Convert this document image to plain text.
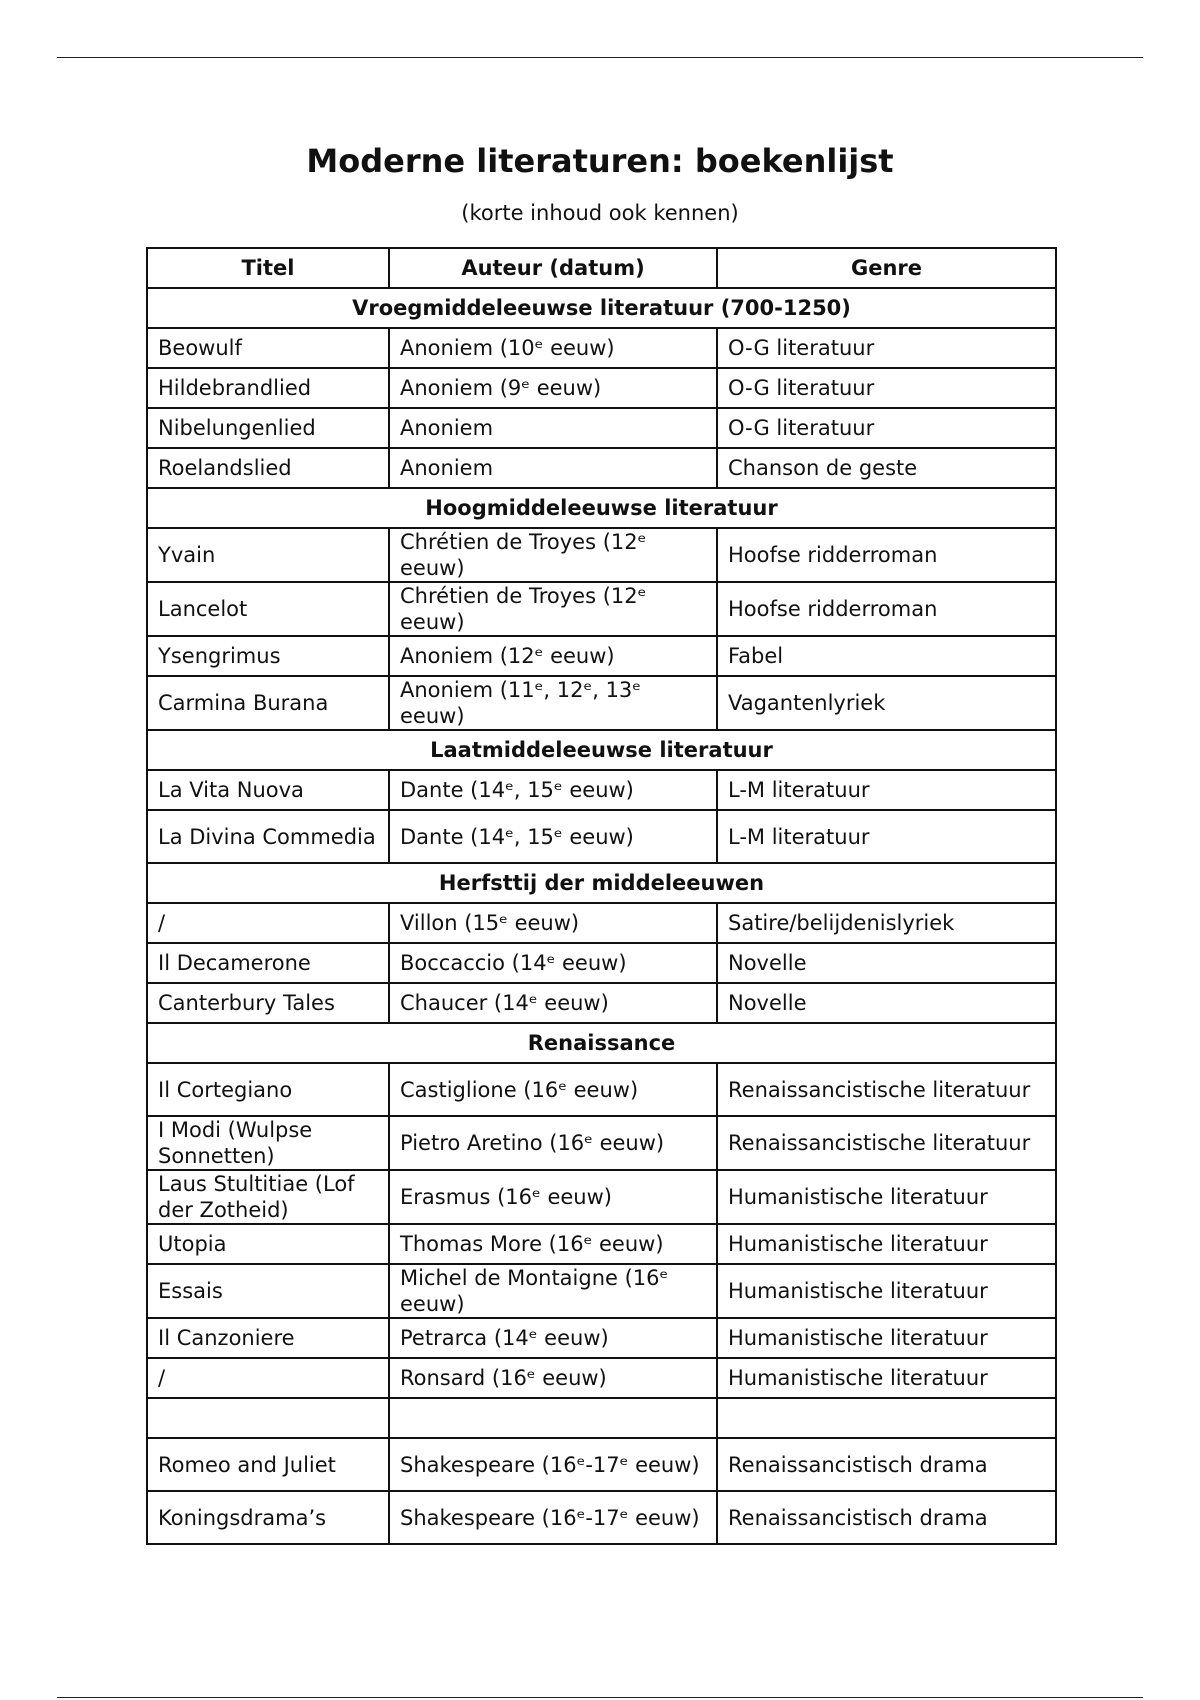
Moderne literaturen: boekenlijst
(korte inhoud ook kennen)
Titel	Auteur (datum)	Genre
Vroegmiddeleeuwse literatuur (700-1250)		
Beowulf	Anoniem (10ᵉ eeuw)	O-G literatuur
Hildebrandlied	Anoniem (9ᵉ eeuw)	O-G literatuur
Nibelungenlied	Anoniem	O-G literatuur
Roelandslied	Anoniem	Chanson de geste
Hoogmiddeleeuwse literatuur		
Yvain	Chrétien de Troyes (12ᵉ eeuw)	Hoofse ridderroman
Lancelot	Chrétien de Troyes (12ᵉ eeuw)	Hoofse ridderroman
Ysengrimus	Anoniem (12ᵉ eeuw)	Fabel
Carmina Burana	Anoniem (11ᵉ, 12ᵉ, 13ᵉ eeuw)	Vagantenlyriek
Laatmiddeleeuwse literatuur		
La Vita Nuova	Dante (14ᵉ, 15ᵉ eeuw)	L-M literatuur
La Divina Commedia	Dante (14ᵉ, 15ᵉ eeuw)	L-M literatuur
Herfsttij der middeleeuwen		
/	Villon (15ᵉ eeuw)	Satire/belijdenislyriek
Il Decamerone	Boccaccio (14ᵉ eeuw)	Novelle
Canterbury Tales	Chaucer (14ᵉ eeuw)	Novelle
Renaissance		
Il Cortegiano	Castiglione (16ᵉ eeuw)	Renaissancistische literatuur
I Modi (Wulpse Sonnetten)	Pietro Aretino (16ᵉ eeuw)	Renaissancistische literatuur
Laus Stultitiae (Lof der Zotheid)	Erasmus (16ᵉ eeuw)	Humanistische literatuur
Utopia	Thomas More (16ᵉ eeuw)	Humanistische literatuur
Essais	Michel de Montaigne (16ᵉ eeuw)	Humanistische literatuur
Il Canzoniere	Petrarca (14ᵉ eeuw)	Humanistische literatuur
/	Ronsard (16ᵉ eeuw)	Humanistische literatuur

Romeo and Juliet	Shakespeare (16ᵉ-17ᵉ eeuw)	Renaissancistisch drama
Koningsdrama’s	Shakespeare (16ᵉ-17ᵉ eeuw)	Renaissancistisch drama
